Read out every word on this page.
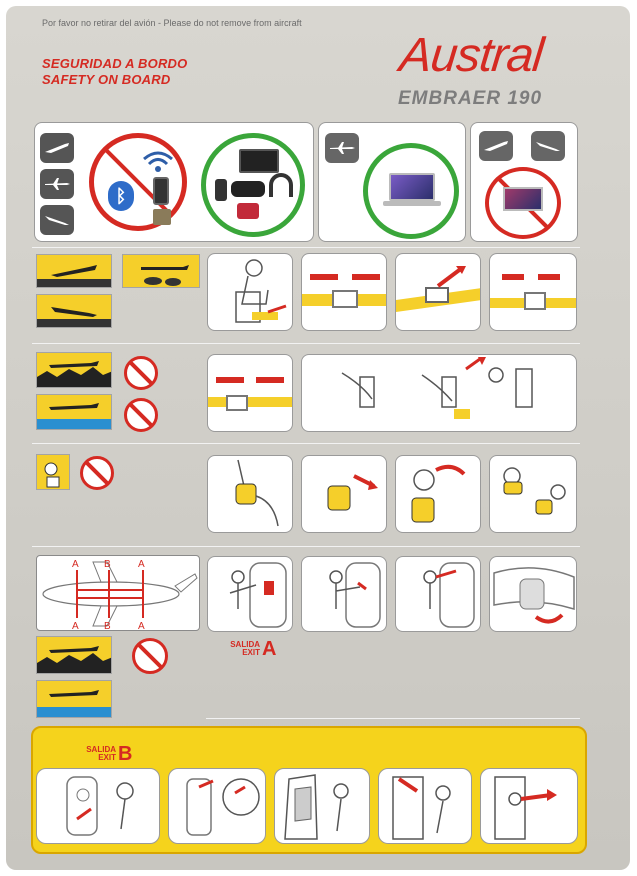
Por favor no retirar del avión - Please do not remove from aircraft
SEGURIDAD A BORDO
SAFETY ON BOARD	Austral
EMBRAER 190
ᛒ
A	B	A
A	B	A
SALIDA
EXIT A
SALIDA
EXIT B
